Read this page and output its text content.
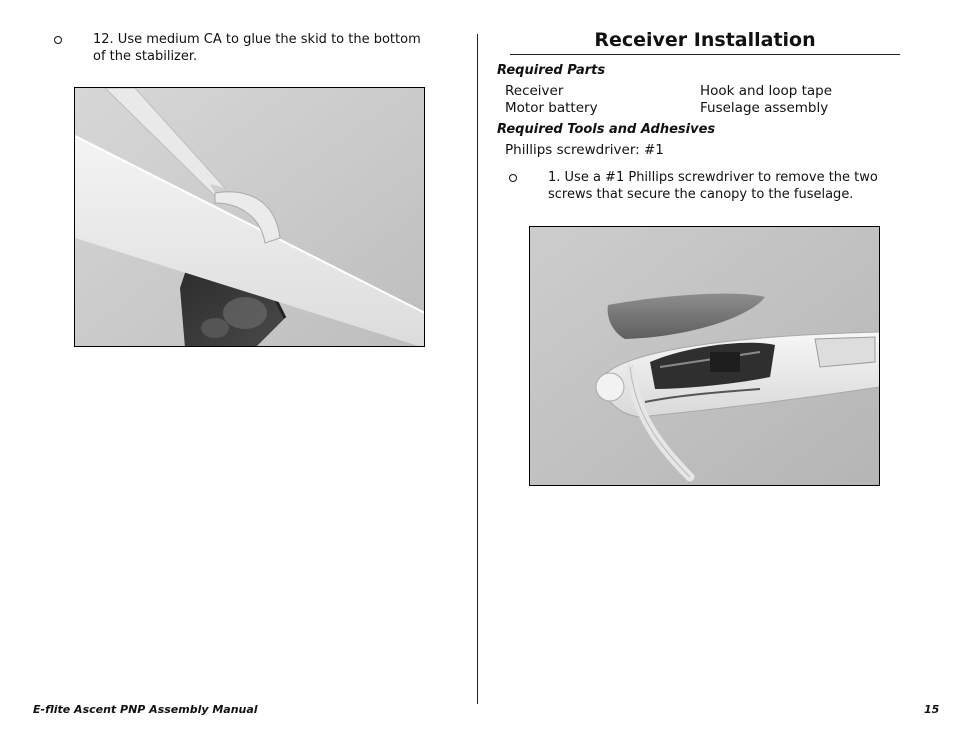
12. Use medium CA to glue the skid to the bottom of the stabilizer.
Receiver Installation
Required Parts
Receiver	Hook and loop tape
Motor battery	Fuselage assembly
Required Tools and Adhesives
Phillips screwdriver: #1
1. Use a #1 Phillips screwdriver to remove the two screws that secure the canopy to the fuselage.
E-flite Ascent PNP Assembly Manual	15
